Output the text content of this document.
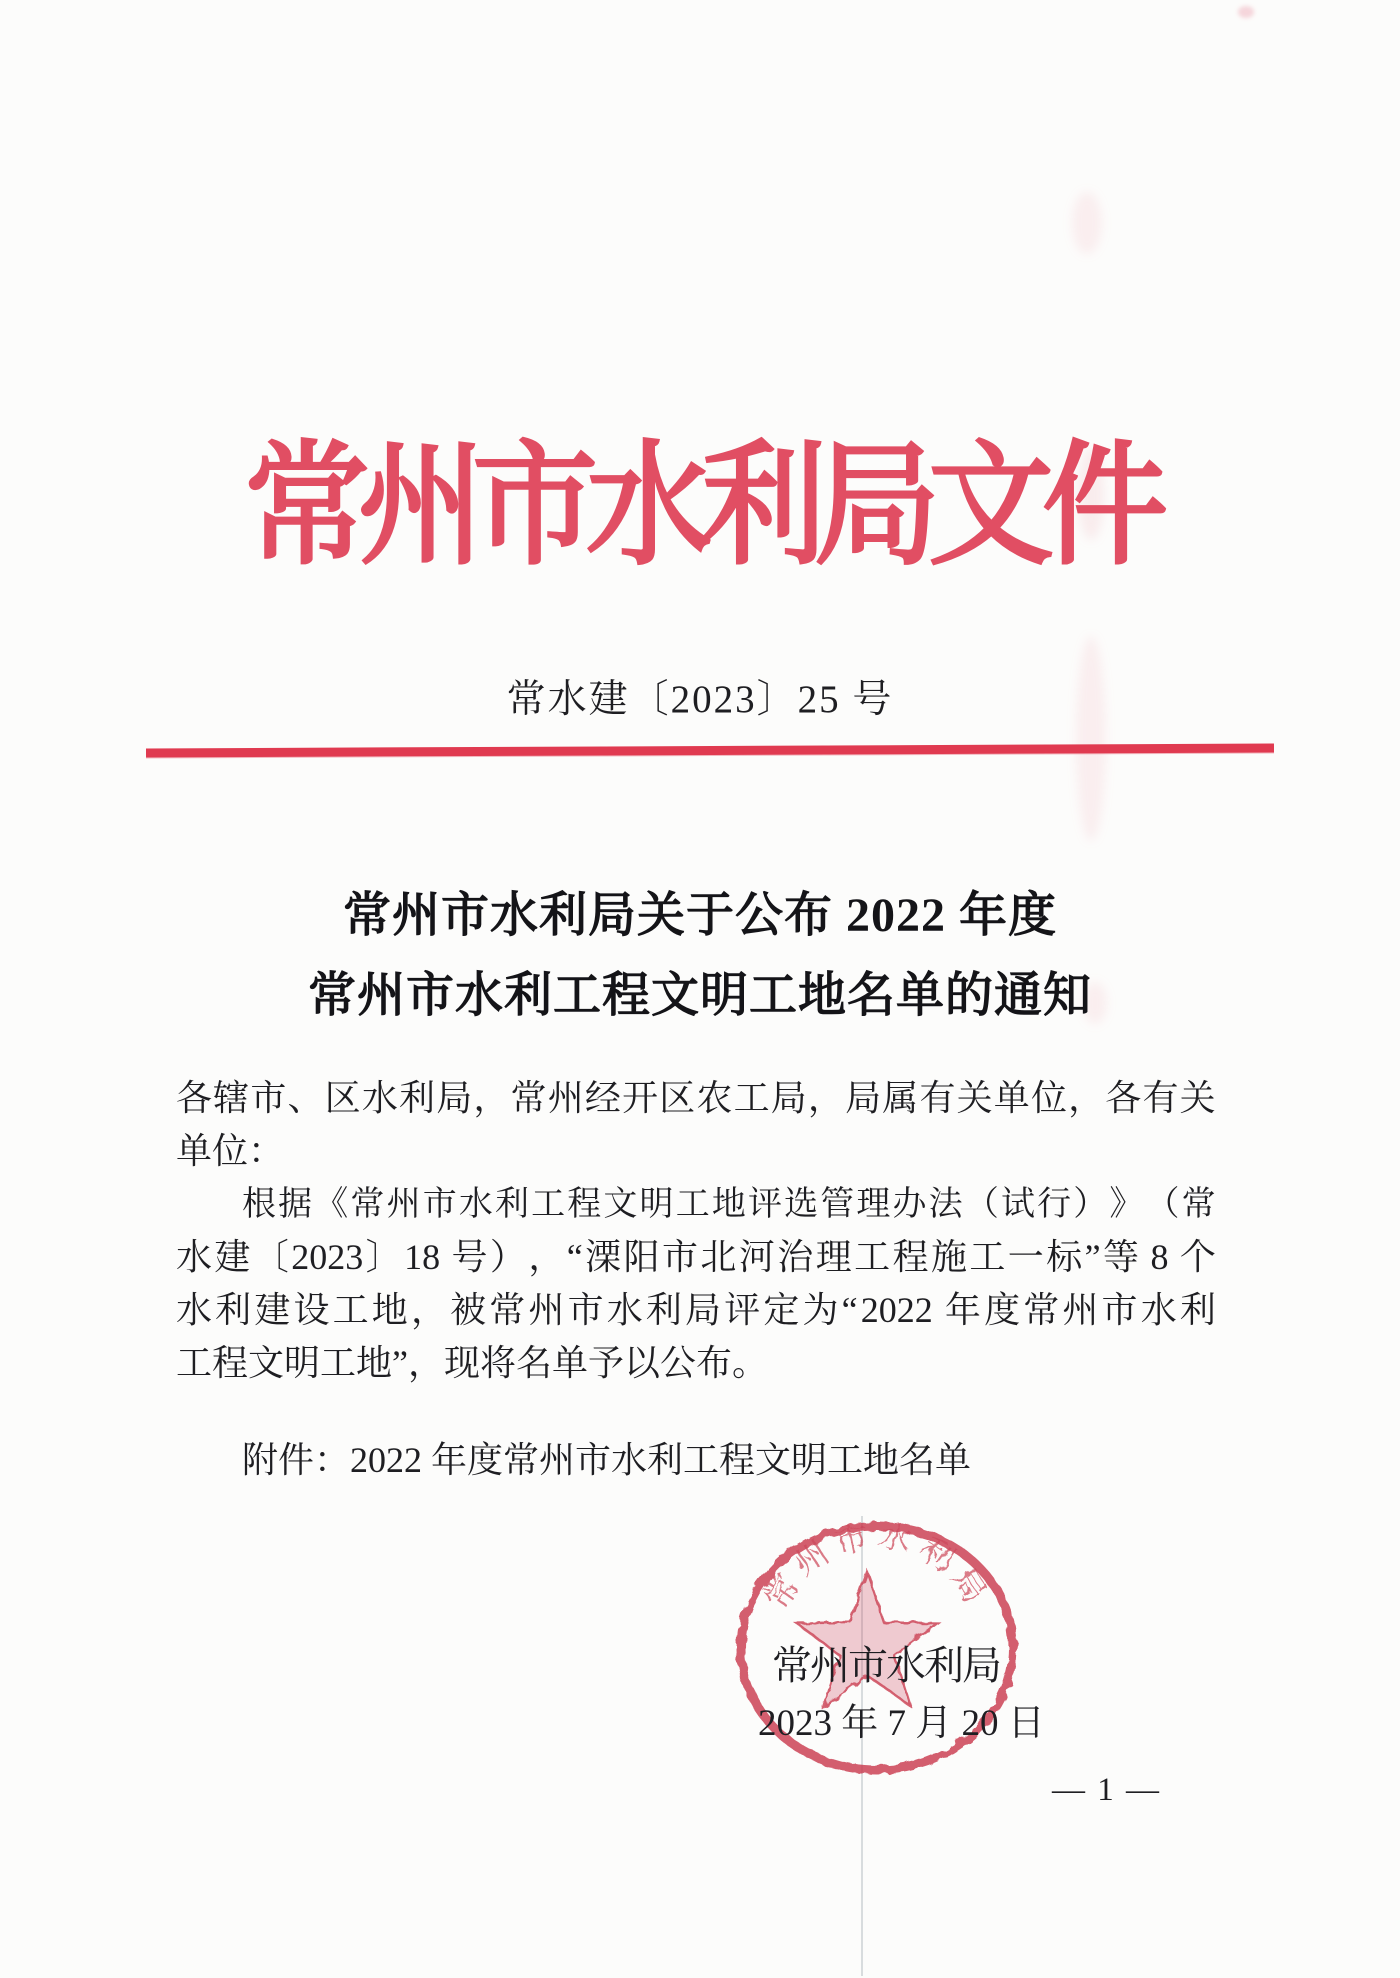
常州市水利局文件
常水建〔2023〕25 号
常州市水利局关于公布 2022 年度
常州市水利工程文明工地名单的通知
各 辖 市 、 区 水 利 局 ， 常 州 经 开 区 农 工 局 ， 局 属 有 关 单 位 ， 各 有 关
单位：
根 据 《 常 州 市 水 利 工 程 文 明 工 地 评 选 管 理 办 法 （ 试 行 ） 》 （ 常
水 建 〔 2023 〕 18 号 ） ， “ 溧 阳 市 北 河 治 理 工 程 施 工 一 标 ” 等 8 个
水 利 建 设 工 地 ， 被 常 州 市 水 利 局 评 定 为 “ 2022 年 度 常 州 市 水 利
工程文明工地”，现将名单予以公布。
附件：2022 年度常州市水利工程文明工地名单
常州市水利局
常州市水利局
2023 年 7 月 20 日
— 1 —
